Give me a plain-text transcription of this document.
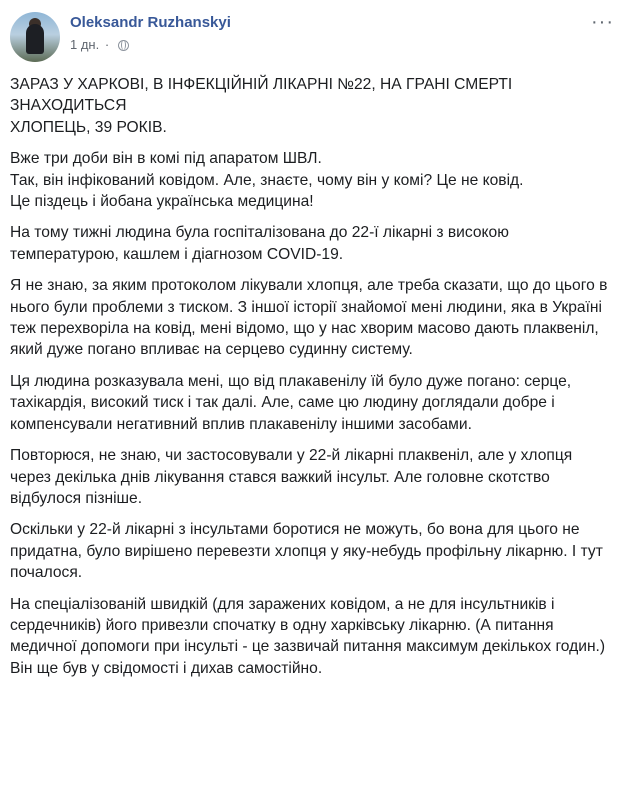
Oleksandr Ruzhanskyi
1 дн. ·
···

ЗАРАЗ У ХАРКОВІ, В ІНФЕКЦІЙНІЙ ЛІКАРНІ №22, НА ГРАНІ СМЕРТІ ЗНАХОДИТЬСЯ
ХЛОПЕЦЬ, 39 РОКІВ.

Вже три доби він в комі під апаратом ШВЛ.
Так, він інфікований ковідом. Але, знаєте, чому він у комі? Це не ковід.
Це піздець і йобана українська медицина!

На тому тижні людина була госпіталізована до 22-ї лікарні з високою температурою, кашлем і діагнозом COVID-19.

Я не знаю, за яким протоколом лікували хлопця, але треба сказати, що до цього в нього були проблеми з тиском. З іншої історії знайомої мені людини, яка в Україні теж перехворіла на ковід, мені відомо, що у нас хворим масово дають плаквеніл, який дуже погано впливає на серцево судинну систему.

Ця людина розказувала мені, що від плакавенілу їй було дуже погано: серце, тахікардія, високий тиск і так далі. Але, саме цю людину доглядали добре і компенсували негативний вплив плакавенілу іншими засобами.

Повторюся, не знаю, чи застосовували у 22-й лікарні плаквеніл, але у хлопця через декілька днів лікування стався важкий інсульт. Але головне скотство відбулося пізніше.

Оскільки у 22-й лікарні з інсультами боротися не можуть, бо вона для цього не придатна, було вирішено перевезти хлопця у яку-небудь профільну лікарню. І тут почалося.

На спеціалізованій швидкій (для заражених ковідом, а не для інсультників і сердечників) його привезли спочатку в одну харківську лікарню. (А питання медичної допомоги при інсульті - це зазвичай питання максимум декількох годин.) Він ще був у свідомості і дихав самостійно.
